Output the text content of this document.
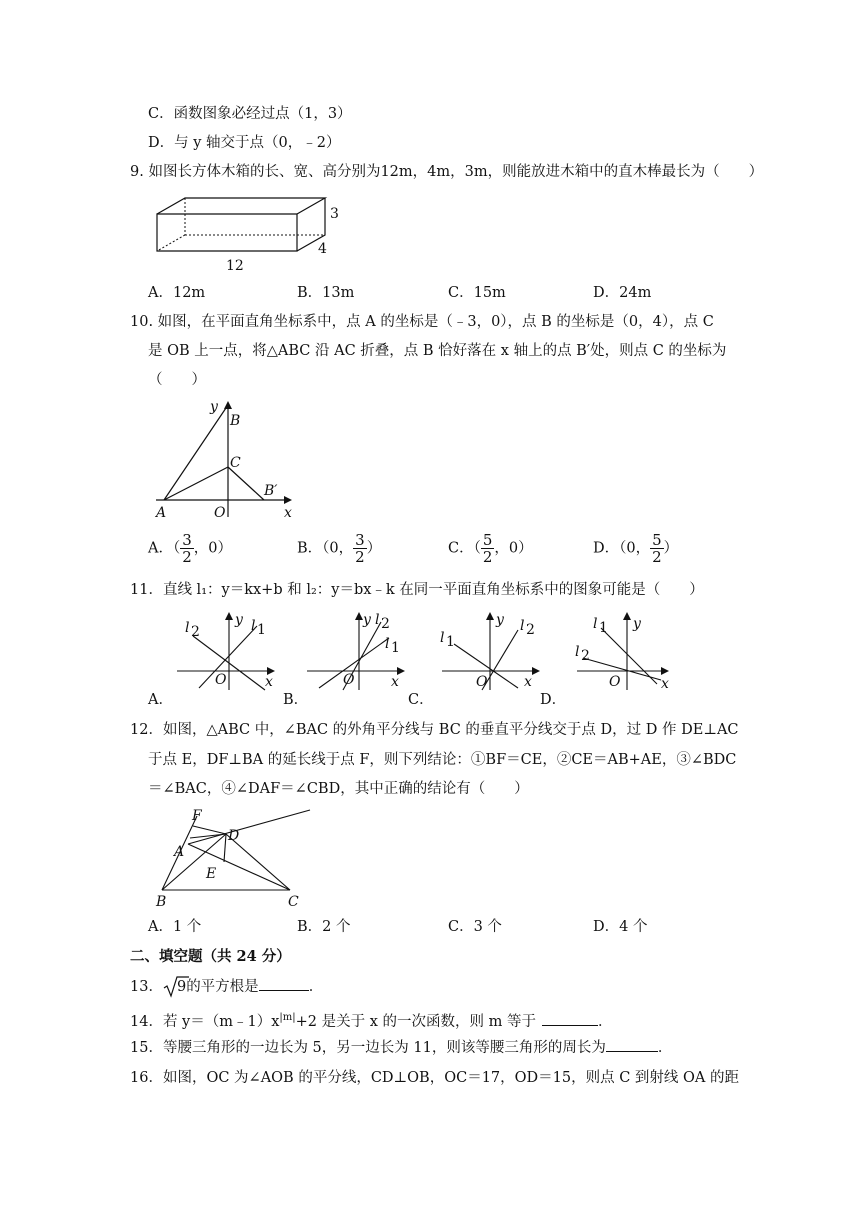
C．函数图象必经过点（1，3）
D．与 y 轴交于点（0，﹣2）
9. 如图长方体木箱的长、宽、高分别为12m，4m，3m，则能放进木箱中的直木棒最长为（　　）
3
4
12
A．12m	B．13m	C．15m	D．24m
10. 如图，在平面直角坐标系中，点 A 的坐标是（﹣3，0），点 B 的坐标是（0，4），点 C
是 OB 上一点，将△ABC 沿 AC 折叠，点 B 恰好落在 x 轴上的点 B′处，则点 C 的坐标为
（　　）
y
B
C
B′
A	O	x
A．（ $\frac{3}{2}$ ，0）	B．（0， $\frac{3}{2}$ ）	C．（ $\frac{5}{2}$ ，0）	D．（0， $\frac{5}{2}$ ）
11．直线 l₁：y＝kx+b 和 l₂：y＝bx﹣k 在同一平面直角坐标系中的图象可能是（　　）
y
l 2	l 1
O	x
A．
y l 2
l 1
O	x
B．
y
l 1
l 2
O	x
C．
y
l 1
l 2
O	x
D．
12．如图，△ABC 中，∠BAC 的外角平分线与 BC 的垂直平分线交于点 D，过 D 作 DE⊥AC
于点 E，DF⊥BA 的延长线于点 F，则下列结论：①BF＝CE，②CE＝AB+AE，③∠BDC
＝∠BAC，④∠DAF＝∠CBD，其中正确的结论有（　　）
F
D
A
E
B	C
A．1 个	B．2 个	C．3 个	D．4 个
二、填空题（共 24 分）
13． 9的平方根是	．
14．若 $y=(m﹣1)x^{|m|}+2$ 是关于 x 的一次函数，则 m 等于	．
15．等腰三角形的一边长为 5，另一边长为 11，则该等腰三角形的周长为	．
16．如图，OC 为∠AOB 的平分线，CD⊥OB，OC＝17，OD＝15，则点 C 到射线 OA 的距
